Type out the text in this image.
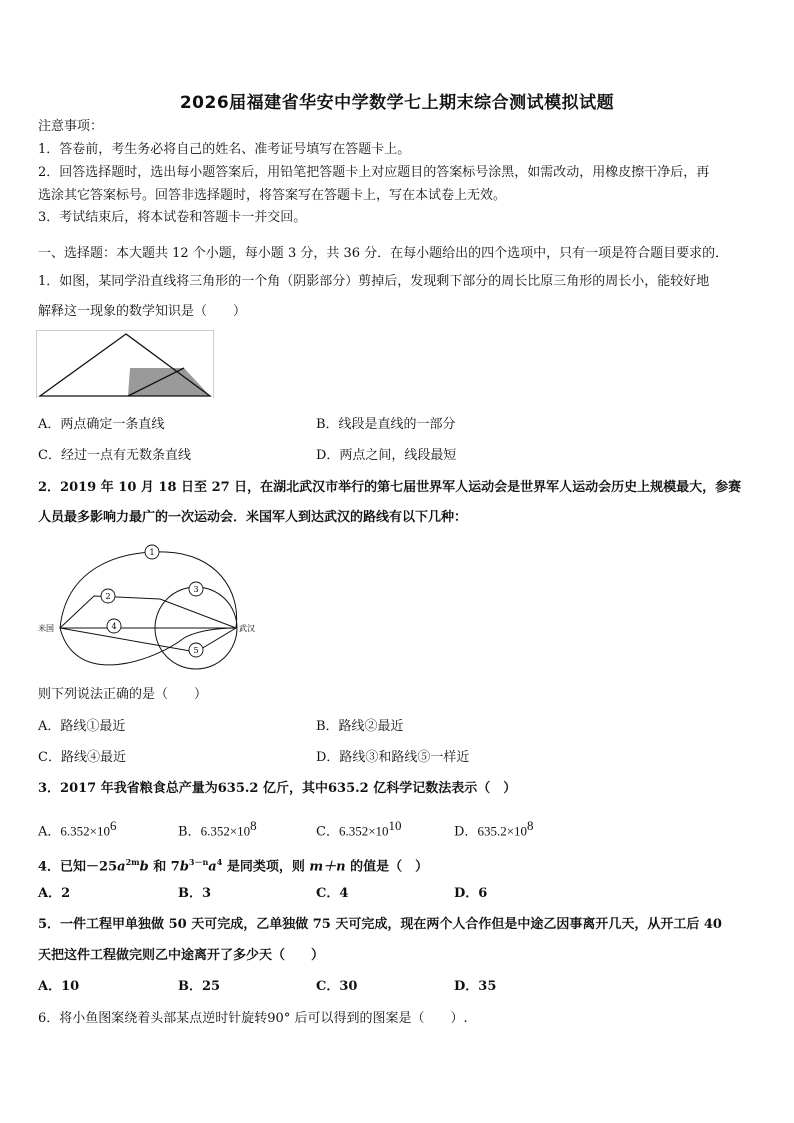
2026届福建省华安中学数学七上期末综合测试模拟试题
注意事项：
1．答卷前，考生务必将自己的姓名、准考证号填写在答题卡上。
2．回答选择题时，选出每小题答案后，用铅笔把答题卡上对应题目的答案标号涂黑，如需改动，用橡皮擦干净后，再
选涂其它答案标号。回答非选择题时，将答案写在答题卡上，写在本试卷上无效。
3．考试结束后，将本试卷和答题卡一并交回。
一、选择题：本大题共 12 个小题，每小题 3 分，共 36 分．在每小题给出的四个选项中，只有一项是符合题目要求的．
1．如图，某同学沿直线将三角形的一个角（阴影部分）剪掉后，发现剩下部分的周长比原三角形的周长小，能较好地
解释这一现象的数学知识是（　　）
A．两点确定一条直线	B．线段是直线的一部分
C．经过一点有无数条直线	D．两点之间，线段最短
2．2019 年 10 月 18 日至 27 日，在湖北武汉市举行的第七届世界军人运动会是世界军人运动会历史上规模最大，参赛
人员最多影响力最广的一次运动会．米国军人到达武汉的路线有以下几种：
1
2
3
4
5
米国	武汉
则下列说法正确的是（　　）
A．路线①最近	B．路线②最近
C．路线④最近	D．路线③和路线⑤一样近
3．2017 年我省粮食总产量为635.2 亿斤，其中635.2 亿科学记数法表示（　）
A．$6.352\times 10^6$	B．$6.352\times 10^8$	C．$6.352\times 10^{10}$	D．$635.2\times 10^8$
4．已知$-25a^{2m}b$ 和 $7b^{3-n}a^4$ 是同类项，则 m＋n 的值是（　）
A．2	B．3	C．4	D．6
5．一件工程甲单独做 50 天可完成，乙单独做 75 天可完成，现在两个人合作但是中途乙因事离开几天，从开工后 40
天把这件工程做完则乙中途离开了多少天（　　）
A．10	B．25	C．30	D．35
6．将小鱼图案绕着头部某点逆时针旋转90° 后可以得到的图案是（　　）.
